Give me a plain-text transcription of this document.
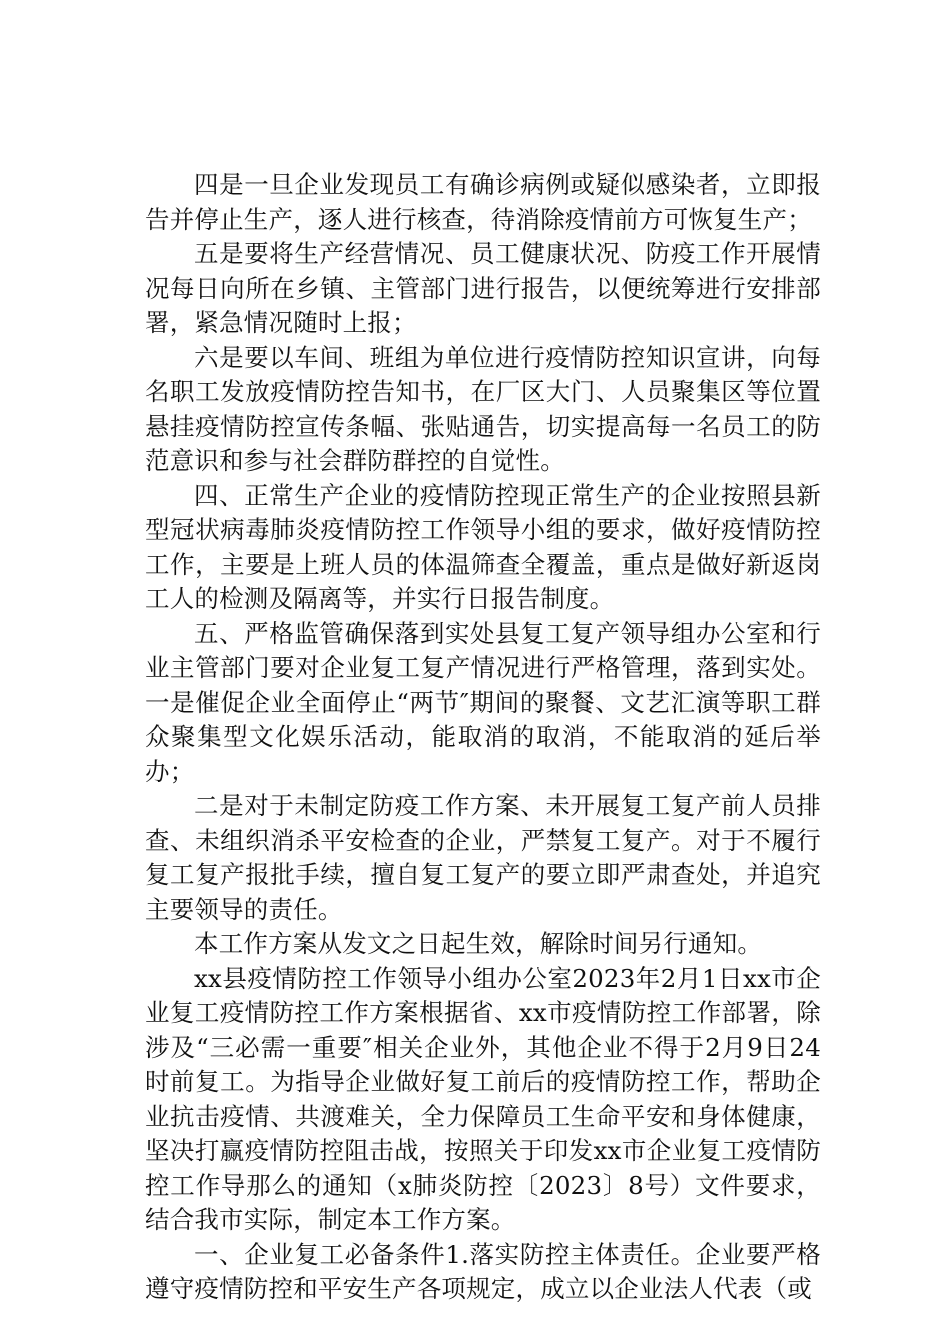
四是一旦企业发现员工有确诊病例或疑似感染者，立即报告并停止生产，逐人进行核查，待消除疫情前方可恢复生产；

五是要将生产经营情况、员工健康状况、防疫工作开展情况每日向所在乡镇、主管部门进行报告，以便统筹进行安排部署，紧急情况随时上报；

六是要以车间、班组为单位进行疫情防控知识宣讲，向每名职工发放疫情防控告知书，在厂区大门、人员聚集区等位置悬挂疫情防控宣传条幅、张贴通告，切实提高每一名员工的防范意识和参与社会群防群控的自觉性。

四、正常生产企业的疫情防控现正常生产的企业按照县新型冠状病毒肺炎疫情防控工作领导小组的要求，做好疫情防控工作，主要是上班人员的体温筛查全覆盖，重点是做好新返岗工人的检测及隔离等，并实行日报告制度。

五、严格监管确保落到实处县复工复产领导组办公室和行业主管部门要对企业复工复产情况进行严格管理，落到实处。一是催促企业全面停止“两节″期间的聚餐、文艺汇演等职工群众聚集型文化娱乐活动，能取消的取消，不能取消的延后举办；

二是对于未制定防疫工作方案、未开展复工复产前人员排查、未组织消杀平安检查的企业，严禁复工复产。对于不履行复工复产报批手续，擅自复工复产的要立即严肃查处，并追究主要领导的责任。

本工作方案从发文之日起生效，解除时间另行通知。

xx县疫情防控工作领导小组办公室2023年2月1日xx市企业复工疫情防控工作方案根据省、xx市疫情防控工作部署，除涉及“三必需一重要″相关企业外，其他企业不得于2月9日24时前复工。为指导企业做好复工前后的疫情防控工作，帮助企业抗击疫情、共渡难关，全力保障员工生命平安和身体健康，坚决打赢疫情防控阻击战，按照关于印发xx市企业复工疫情防控工作导那么的通知（x肺炎防控〔2023〕8号）文件要求，结合我市实际，制定本工作方案。

一、企业复工必备条件1.落实防控主体责任。企业要严格遵守疫情防控和平安生产各项规定，成立以企业法人代表（或
